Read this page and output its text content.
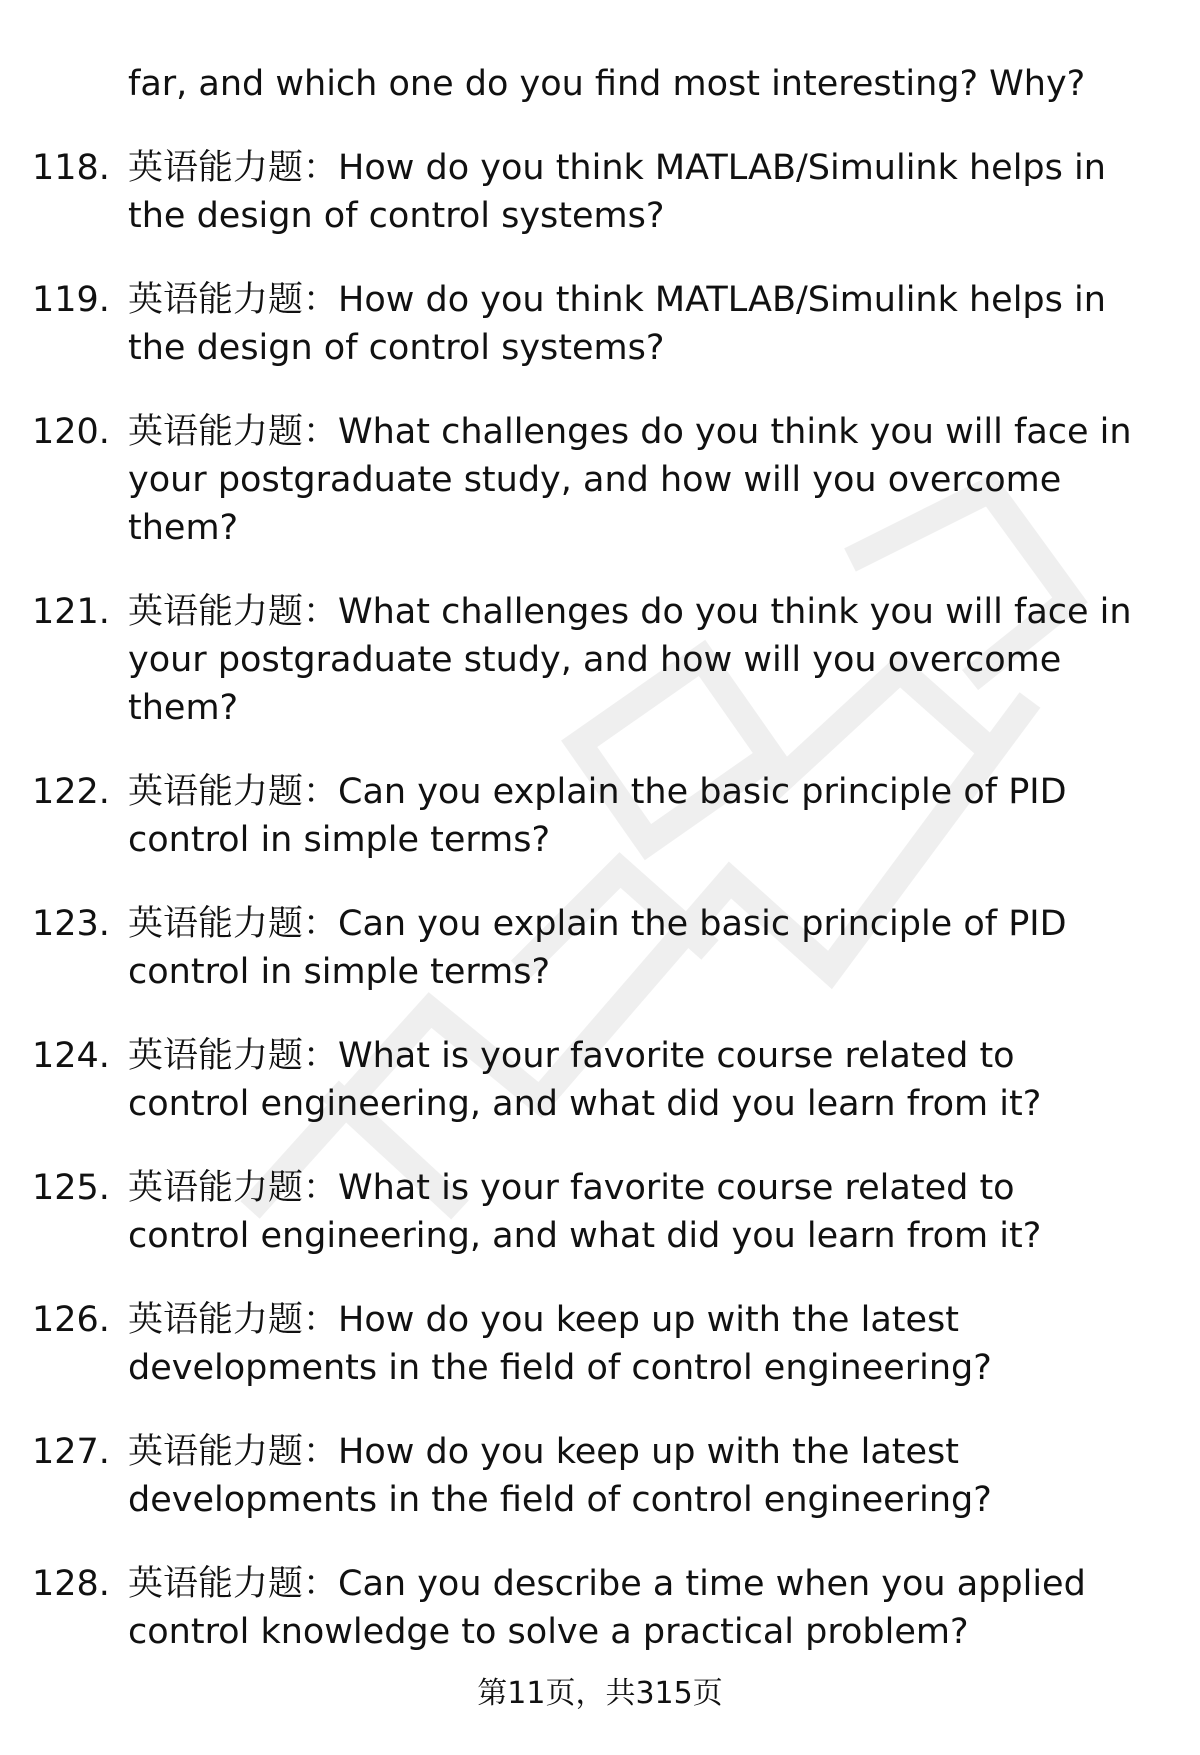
far, and which one do you find most interesting? Why?
118. 英语能力题：How do you think MATLAB/Simulink helps in the design of control systems?
119. 英语能力题：How do you think MATLAB/Simulink helps in the design of control systems?
120. 英语能力题：What challenges do you think you will face in your postgraduate study, and how will you overcome them?
121. 英语能力题：What challenges do you think you will face in your postgraduate study, and how will you overcome them?
122. 英语能力题：Can you explain the basic principle of PID control in simple terms?
123. 英语能力题：Can you explain the basic principle of PID control in simple terms?
124. 英语能力题：What is your favorite course related to control engineering, and what did you learn from it?
125. 英语能力题：What is your favorite course related to control engineering, and what did you learn from it?
126. 英语能力题：How do you keep up with the latest developments in the field of control engineering?
127. 英语能力题：How do you keep up with the latest developments in the field of control engineering?
128. 英语能力题：Can you describe a time when you applied control knowledge to solve a practical problem?
第11页，共315页
